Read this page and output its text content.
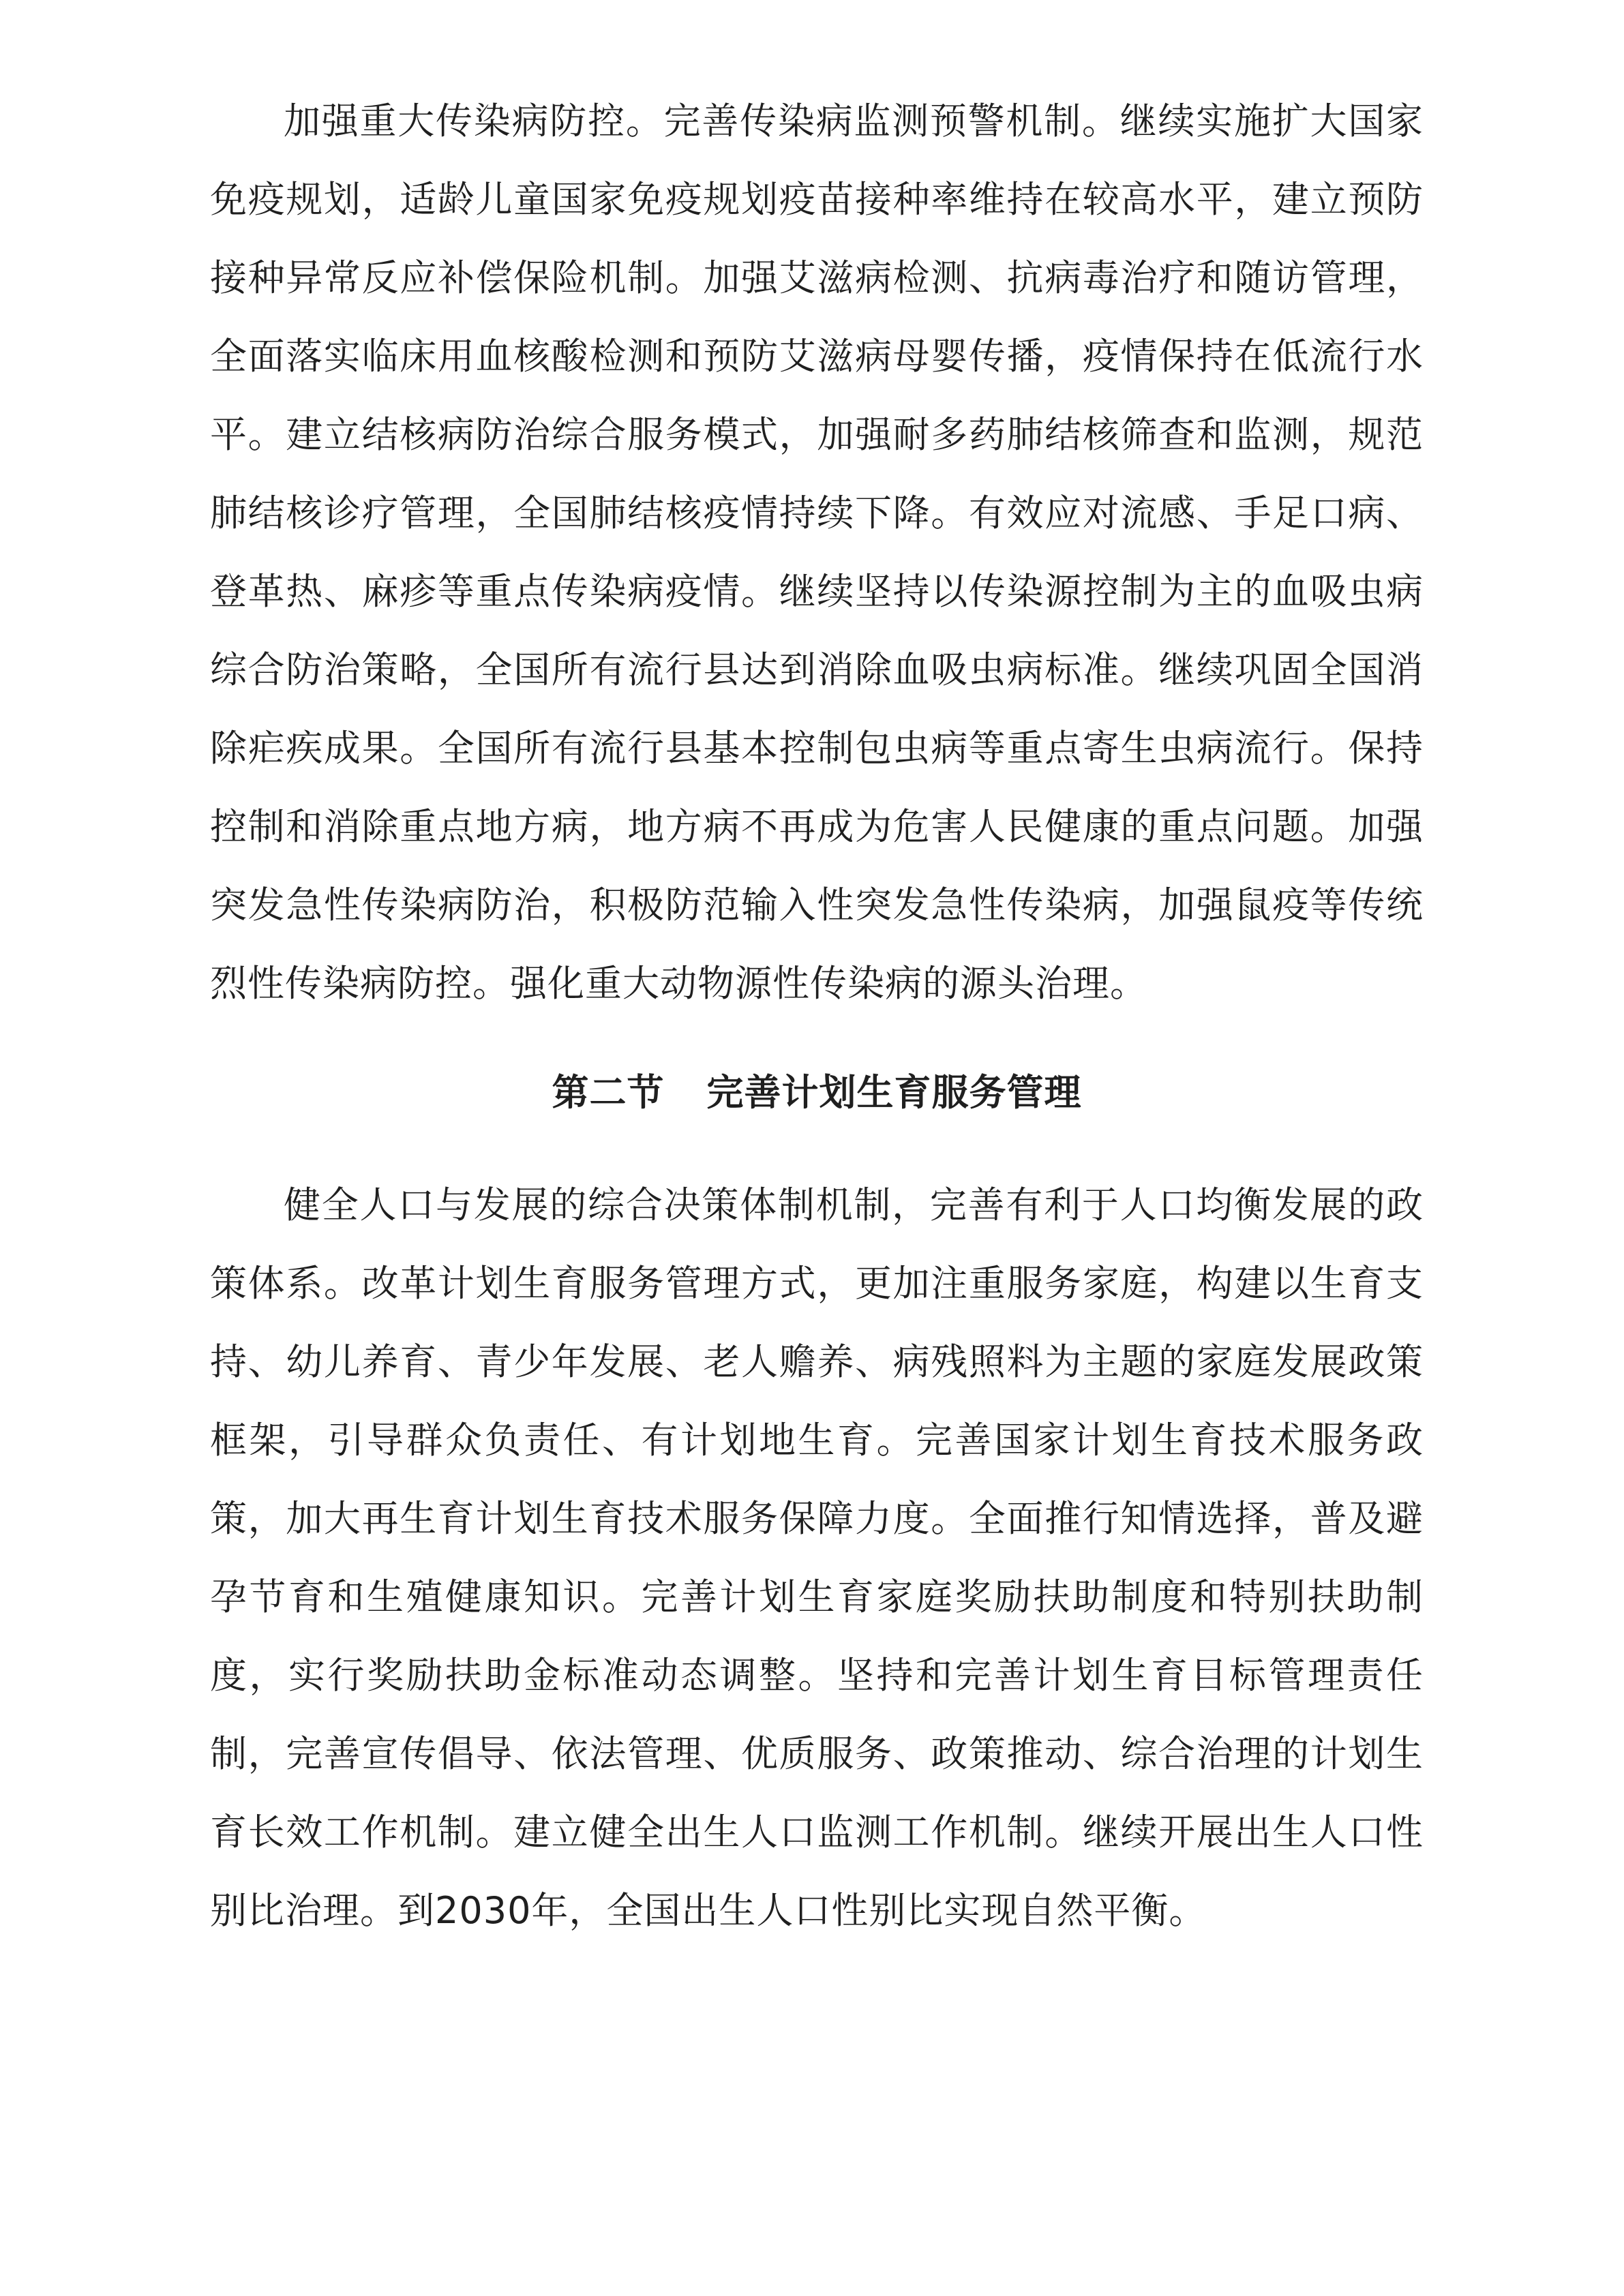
加强重大传染病防控。完善传染病监测预警机制。继续实施扩大国家免疫规划，适龄儿童国家免疫规划疫苗接种率维持在较高水平，建立预防接种异常反应补偿保险机制。加强艾滋病检测、抗病毒治疗和随访管理，全面落实临床用血核酸检测和预防艾滋病母婴传播，疫情保持在低流行水平。建立结核病防治综合服务模式，加强耐多药肺结核筛查和监测，规范肺结核诊疗管理，全国肺结核疫情持续下降。有效应对流感、手足口病、登革热、麻疹等重点传染病疫情。继续坚持以传染源控制为主的血吸虫病综合防治策略，全国所有流行县达到消除血吸虫病标准。继续巩固全国消除疟疾成果。全国所有流行县基本控制包虫病等重点寄生虫病流行。保持控制和消除重点地方病，地方病不再成为危害人民健康的重点问题。加强突发急性传染病防治，积极防范输入性突发急性传染病，加强鼠疫等传统烈性传染病防控。强化重大动物源性传染病的源头治理。

第二节 完善计划生育服务管理

健全人口与发展的综合决策体制机制，完善有利于人口均衡发展的政策体系。改革计划生育服务管理方式，更加注重服务家庭，构建以生育支持、幼儿养育、青少年发展、老人赡养、病残照料为主题的家庭发展政策框架，引导群众负责任、有计划地生育。完善国家计划生育技术服务政策，加大再生育计划生育技术服务保障力度。全面推行知情选择，普及避孕节育和生殖健康知识。完善计划生育家庭奖励扶助制度和特别扶助制度，实行奖励扶助金标准动态调整。坚持和完善计划生育目标管理责任制，完善宣传倡导、依法管理、优质服务、政策推动、综合治理的计划生育长效工作机制。建立健全出生人口监测工作机制。继续开展出生人口性别比治理。到2030年，全国出生人口性别比实现自然平衡。
